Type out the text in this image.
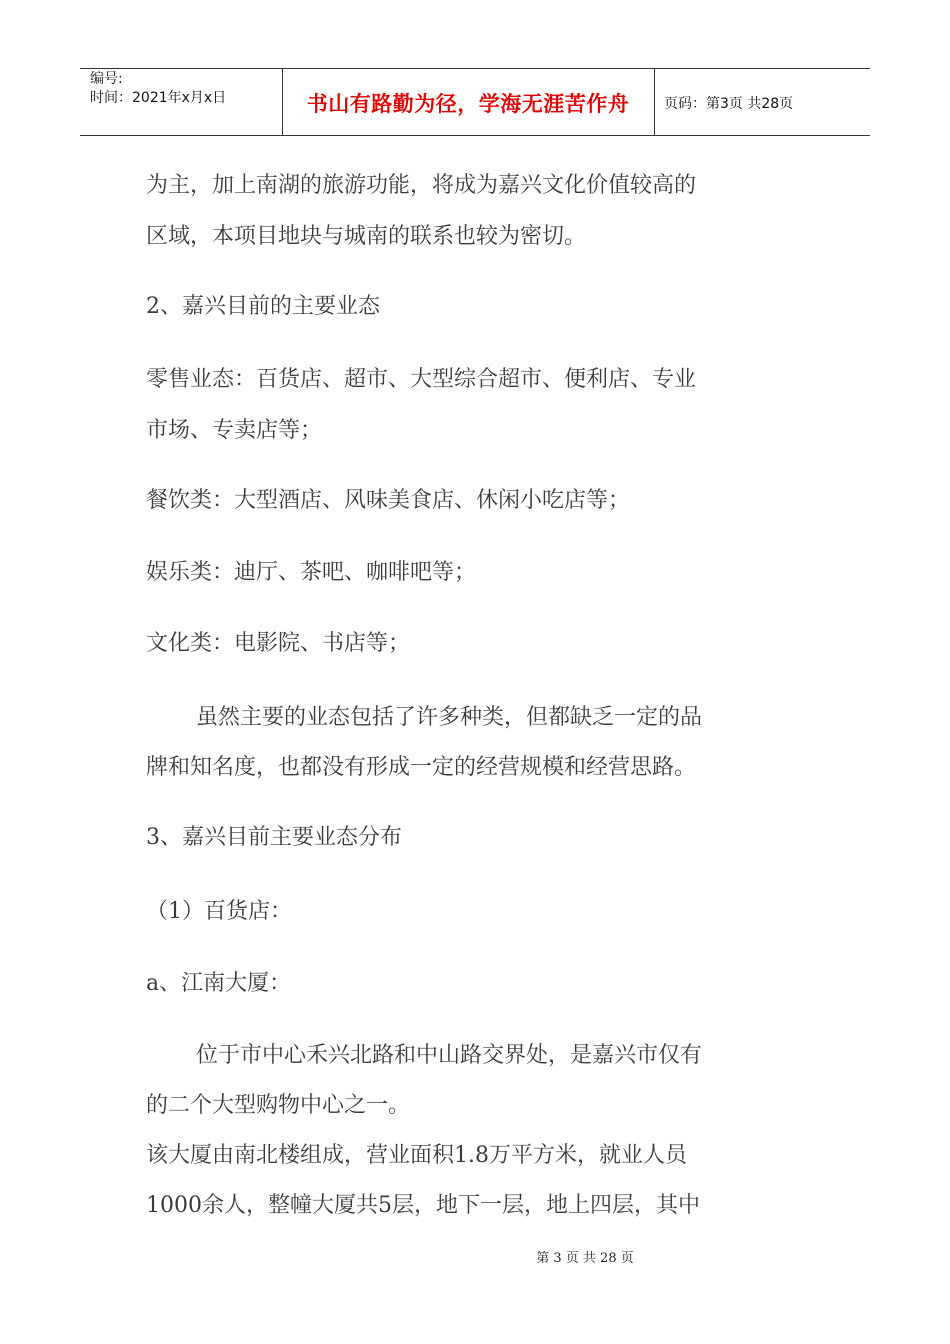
编号:
时间：2021年x月x日	书山有路勤为径，学海无涯苦作舟	页码：第3页 共28页
为主，加上南湖的旅游功能，将成为嘉兴文化价值较高的
区域，本项目地块与城南的联系也较为密切。
2、嘉兴目前的主要业态
零售业态：百货店、超市、大型综合超市、便利店、专业
市场、专卖店等；
餐饮类：大型酒店、风味美食店、休闲小吃店等；
娱乐类：迪厅、茶吧、咖啡吧等；
文化类：电影院、书店等；
虽然主要的业态包括了许多种类，但都缺乏一定的品
牌和知名度，也都没有形成一定的经营规模和经营思路。
3、嘉兴目前主要业态分布
（1）百货店：
a、江南大厦：
位于市中心禾兴北路和中山路交界处，是嘉兴市仅有
的二个大型购物中心之一。
该大厦由南北楼组成，营业面积1.8万平方米，就业人员
1000余人，整幢大厦共5层，地下一层，地上四层，其中
第 3 页 共 28 页
